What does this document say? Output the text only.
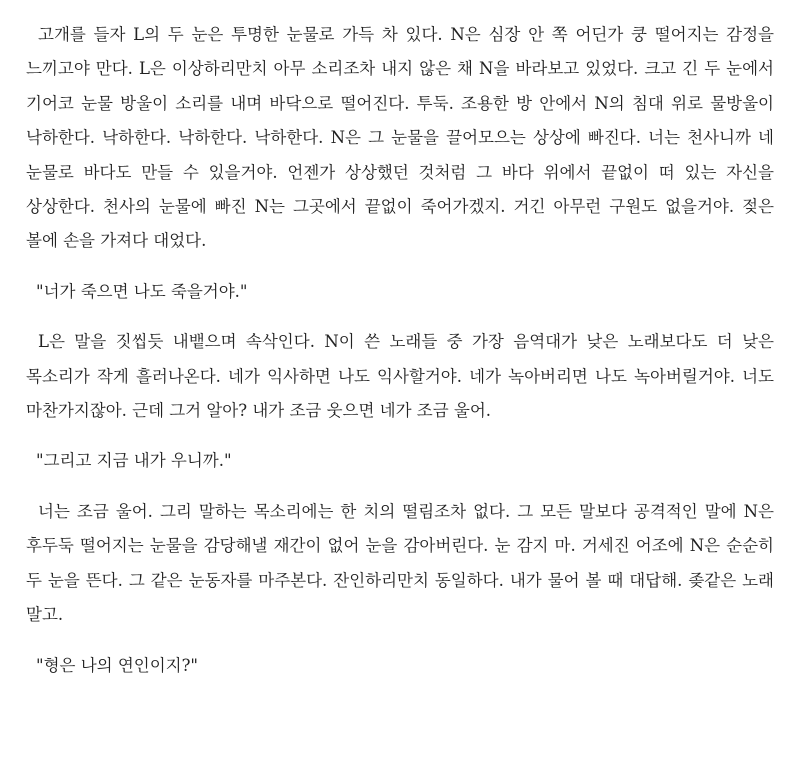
고개를 들자 L의 두 눈은 투명한 눈물로 가득 차 있다. N은 심장 안 쪽 어딘가 쿵 떨어지는 감정을 느끼고야 만다. L은 이상하리만치 아무 소리조차 내지 않은 채 N을 바라보고 있었다. 크고 긴 두 눈에서 기어코 눈물 방울이 소리를 내며 바닥으로 떨어진다. 투둑. 조용한 방 안에서 N의 침대 위로 물방울이 낙하한다. 낙하한다. 낙하한다. 낙하한다. N은 그 눈물을 끌어모으는 상상에 빠진다. 너는 천사니까 네 눈물로 바다도 만들 수 있을거야. 언젠가 상상했던 것처럼 그 바다 위에서 끝없이 떠 있는 자신을 상상한다. 천사의 눈물에 빠진 N는 그곳에서 끝없이 죽어가겠지. 거긴 아무런 구원도 없을거야. 젖은 볼에 손을 가져다 대었다.

"너가 죽으면 나도 죽을거야."

L은 말을 짓씹듯 내뱉으며 속삭인다. N이 쓴 노래들 중 가장 음역대가 낮은 노래보다도 더 낮은 목소리가 작게 흘러나온다. 네가 익사하면 나도 익사할거야. 네가 녹아버리면 나도 녹아버릴거야. 너도 마찬가지잖아. 근데 그거 알아? 내가 조금 웃으면 네가 조금 울어.

"그리고 지금 내가 우니까."

너는 조금 울어. 그리 말하는 목소리에는 한 치의 떨림조차 없다. 그 모든 말보다 공격적인 말에 N은 후두둑 떨어지는 눈물을 감당해낼 재간이 없어 눈을 감아버린다. 눈 감지 마. 거세진 어조에 N은 순순히 두 눈을 뜬다. 그 같은 눈동자를 마주본다. 잔인하리만치 동일하다. 내가 물어 볼 때 대답해. 좆같은 노래 말고.

"형은 나의 연인이지?"
